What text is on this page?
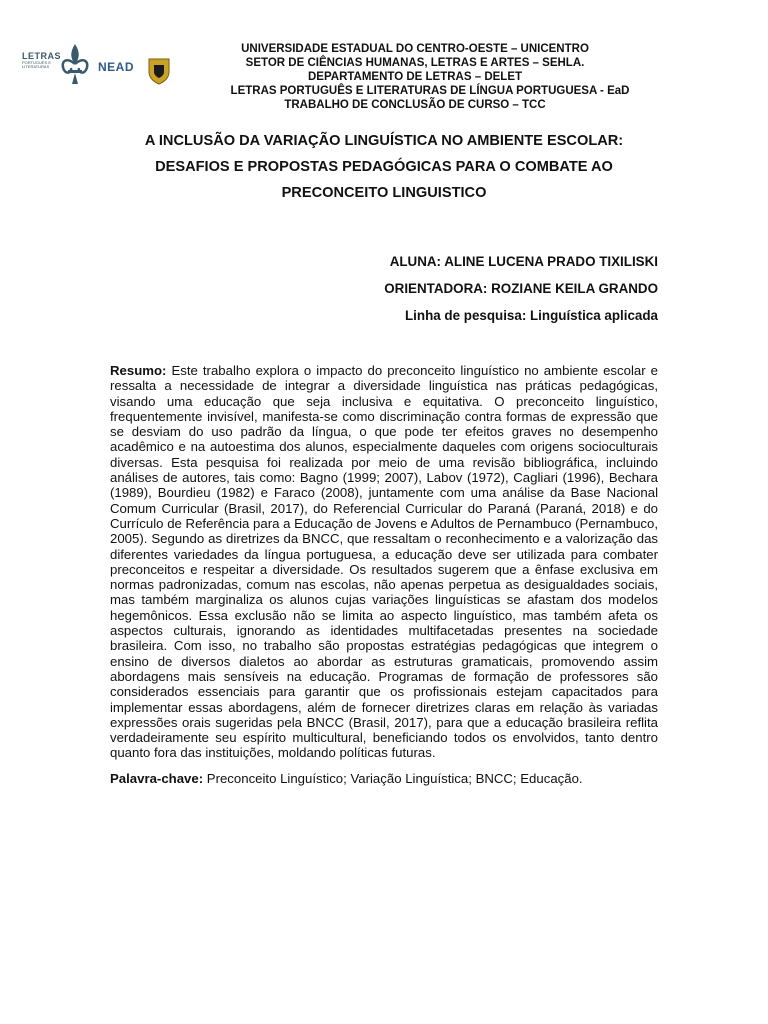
LETRAS
PORTUGUÊS E LITERATURAS	NEAD

UNIVERSIDADE ESTADUAL DO CENTRO-OESTE – UNICENTRO

SETOR DE CIÊNCIAS HUMANAS, LETRAS E ARTES – SEHLA.

DEPARTAMENTO DE LETRAS – DELET

LETRAS PORTUGUÊS E LITERATURAS DE LÍNGUA PORTUGUESA - EaD

TRABALHO DE CONCLUSÃO DE CURSO – TCC

A INCLUSÃO DA VARIAÇÃO LINGUÍSTICA NO AMBIENTE ESCOLAR:

DESAFIOS E PROPOSTAS PEDAGÓGICAS PARA O COMBATE AO

PRECONCEITO LINGUISTICO

ALUNA: ALINE LUCENA PRADO TIXILISKI

ORIENTADORA: ROZIANE KEILA GRANDO

Linha de pesquisa: Linguística aplicada

Resumo: Este trabalho explora o impacto do preconceito linguístico no ambiente escolar e ressalta a necessidade de integrar a diversidade linguística nas práticas pedagógicas, visando uma educação que seja inclusiva e equitativa. O preconceito linguístico, frequentemente invisível, manifesta-se como discriminação contra formas de expressão que se desviam do uso padrão da língua, o que pode ter efeitos graves no desempenho acadêmico e na autoestima dos alunos, especialmente daqueles com origens socioculturais diversas. Esta pesquisa foi realizada por meio de uma revisão bibliográfica, incluindo análises de autores, tais como: Bagno (1999; 2007), Labov (1972), Cagliari (1996), Bechara (1989), Bourdieu (1982) e Faraco (2008), juntamente com uma análise da Base Nacional Comum Curricular (Brasil, 2017), do Referencial Curricular do Paraná (Paraná, 2018) e do Currículo de Referência para a Educação de Jovens e Adultos de Pernambuco (Pernambuco, 2005). Segundo as diretrizes da BNCC, que ressaltam o reconhecimento e a valorização das diferentes variedades da língua portuguesa, a educação deve ser utilizada para combater preconceitos e respeitar a diversidade. Os resultados sugerem que a ênfase exclusiva em normas padronizadas, comum nas escolas, não apenas perpetua as desigualdades sociais, mas também marginaliza os alunos cujas variações linguísticas se afastam dos modelos hegemônicos. Essa exclusão não se limita ao aspecto linguístico, mas também afeta os aspectos culturais, ignorando as identidades multifacetadas presentes na sociedade brasileira. Com isso, no trabalho são propostas estratégias pedagógicas que integrem o ensino de diversos dialetos ao abordar as estruturas gramaticais, promovendo assim abordagens mais sensíveis na educação. Programas de formação de professores são considerados essenciais para garantir que os profissionais estejam capacitados para implementar essas abordagens, além de fornecer diretrizes claras em relação às variadas expressões orais sugeridas pela BNCC (Brasil, 2017), para que a educação brasileira reflita verdadeiramente seu espírito multicultural, beneficiando todos os envolvidos, tanto dentro quanto fora das instituições, moldando políticas futuras.

Palavra-chave: Preconceito Linguístico; Variação Linguística; BNCC; Educação.
